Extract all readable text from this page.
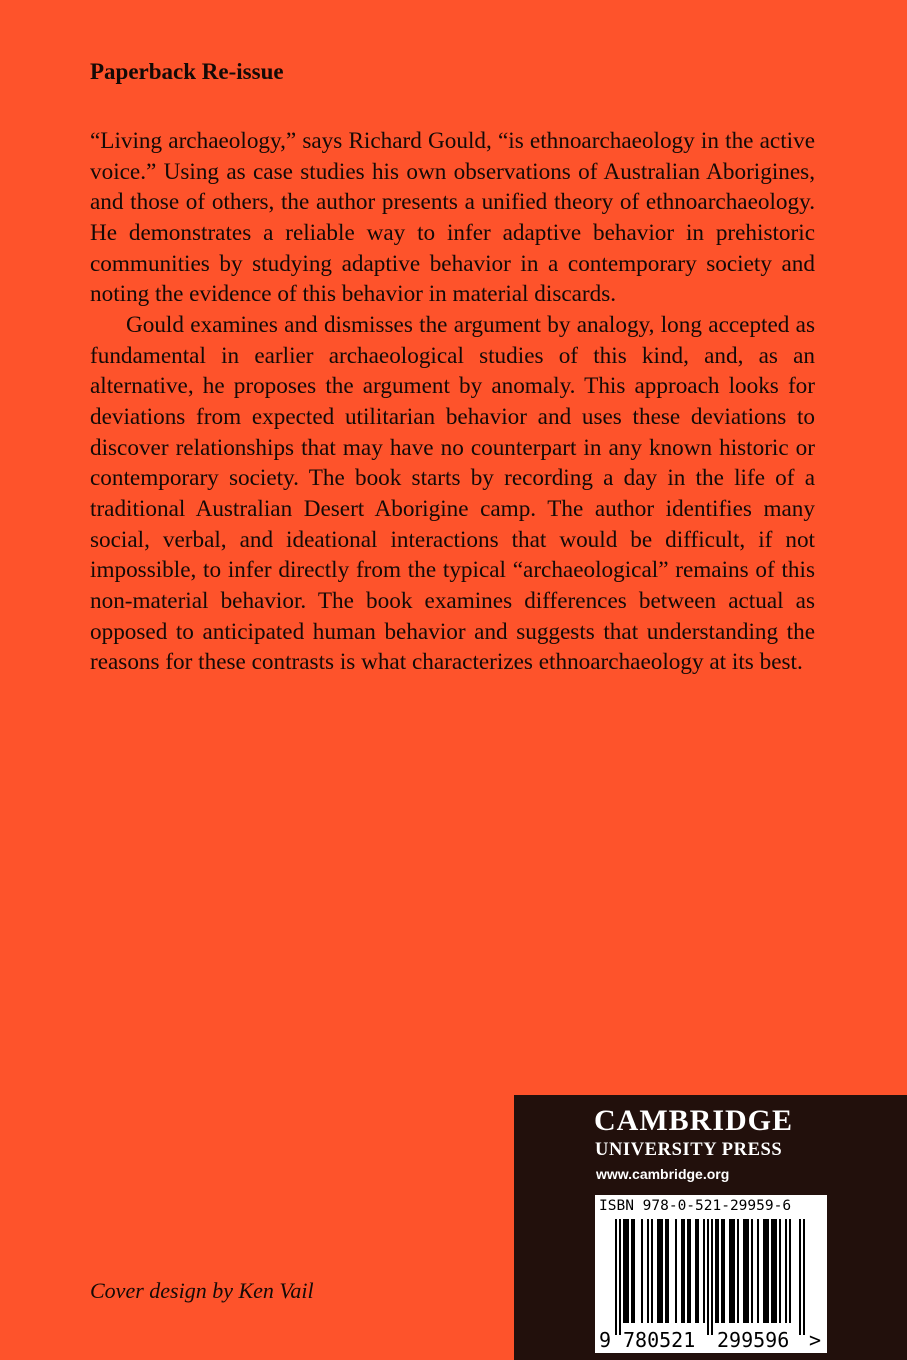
Paperback Re-issue

“Living archaeology,” says Richard Gould, “is ethnoarchaeology in the active voice.” Using as case studies his own observations of Australian Aborigines, and those of others, the author presents a unified theory of ethnoarchaeology. He demonstrates a reliable way to infer adaptive behavior in prehistoric communities by studying adaptive behavior in a contemporary society and noting the evidence of this behavior in material discards.

Gould examines and dismisses the argument by analogy, long accepted as fundamental in earlier archaeological studies of this kind, and, as an alternative, he proposes the argument by anomaly. This approach looks for deviations from expected utilitarian behavior and uses these deviations to discover relationships that may have no counterpart in any known historic or contemporary society. The book starts by recording a day in the life of a traditional Australian Desert Aborigine camp. The author identifies many social, verbal, and ideational interactions that would be difficult, if not impossible, to infer directly from the typical “archaeological” remains of this non-material behavior. The book examines differences between actual as opposed to anticipated human behavior and suggests that understanding the reasons for these contrasts is what characterizes ethnoarchaeology at its best.

Cover design by Ken Vail

CAMBRIDGE

UNIVERSITY PRESS

www.cambridge.org

ISBN 978-0-521-29959-6

9 780521 299596 >
